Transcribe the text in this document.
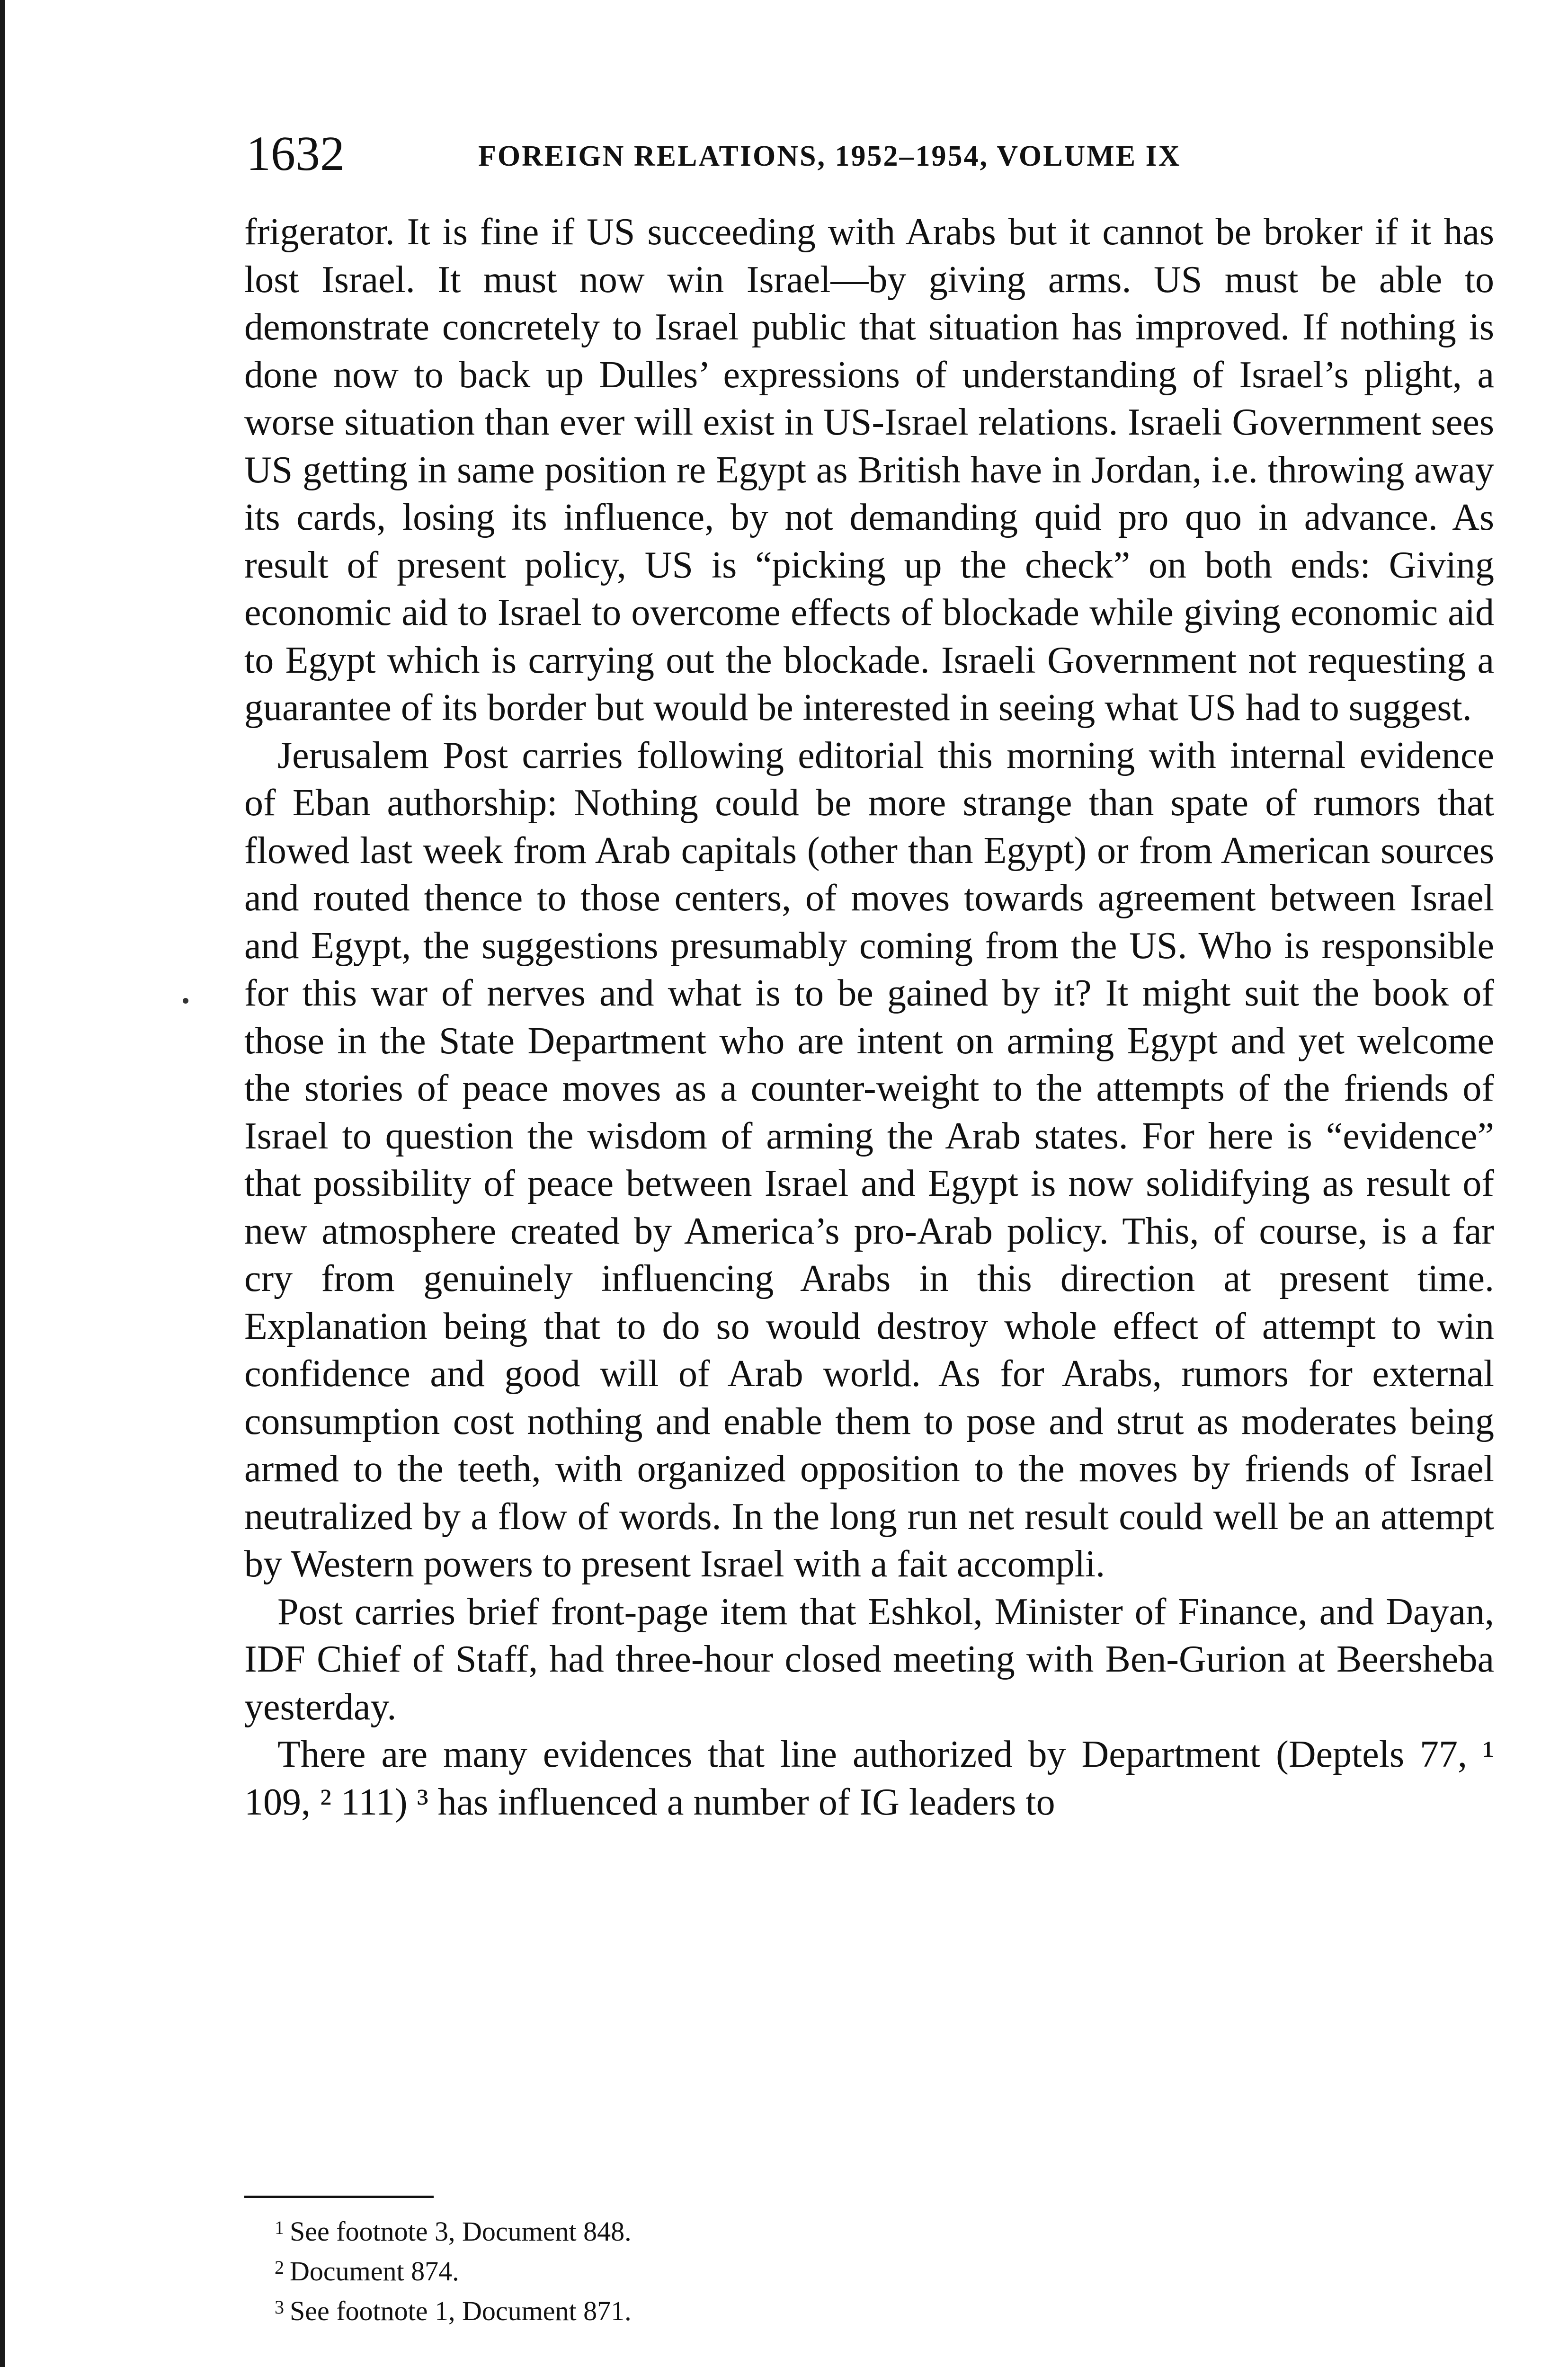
1632	FOREIGN RELATIONS, 1952–1954, VOLUME IX

frigerator. It is fine if US succeeding with Arabs but it cannot be broker if it has lost Israel. It must now win Israel—by giving arms. US must be able to demonstrate concretely to Israel public that situation has improved. If nothing is done now to back up Dulles’ expressions of understanding of Israel’s plight, a worse situation than ever will exist in US-Israel relations. Israeli Government sees US getting in same position re Egypt as British have in Jordan, i.e. throwing away its cards, losing its influence, by not demanding quid pro quo in advance. As result of present policy, US is “picking up the check” on both ends: Giving economic aid to Israel to overcome effects of blockade while giving economic aid to Egypt which is carrying out the blockade. Israeli Government not requesting a guarantee of its border but would be interested in seeing what US had to suggest.

Jerusalem Post carries following editorial this morning with internal evidence of Eban authorship: Nothing could be more strange than spate of rumors that flowed last week from Arab capitals (other than Egypt) or from American sources and routed thence to those centers, of moves towards agreement between Israel and Egypt, the suggestions presumably coming from the US. Who is responsible for this war of nerves and what is to be gained by it? It might suit the book of those in the State Department who are intent on arming Egypt and yet welcome the stories of peace moves as a counter-weight to the attempts of the friends of Israel to question the wisdom of arming the Arab states. For here is “evidence” that possibility of peace between Israel and Egypt is now solidifying as result of new atmosphere created by America’s pro-Arab policy. This, of course, is a far cry from genuinely influencing Arabs in this direction at present time. Explanation being that to do so would destroy whole effect of attempt to win confidence and good will of Arab world. As for Arabs, rumors for external consumption cost nothing and enable them to pose and strut as moderates being armed to the teeth, with organized opposition to the moves by friends of Israel neutralized by a flow of words. In the long run net result could well be an attempt by Western powers to present Israel with a fait accompli.

Post carries brief front-page item that Eshkol, Minister of Finance, and Dayan, IDF Chief of Staff, had three-hour closed meeting with Ben-Gurion at Beersheba yesterday.

There are many evidences that line authorized by Department (Deptels 77, ¹ 109, ² 111) ³ has influenced a number of IG leaders to

$^1$ See footnote 3, Document 848.
$^2$ Document 874.
$^3$ See footnote 1, Document 871.
